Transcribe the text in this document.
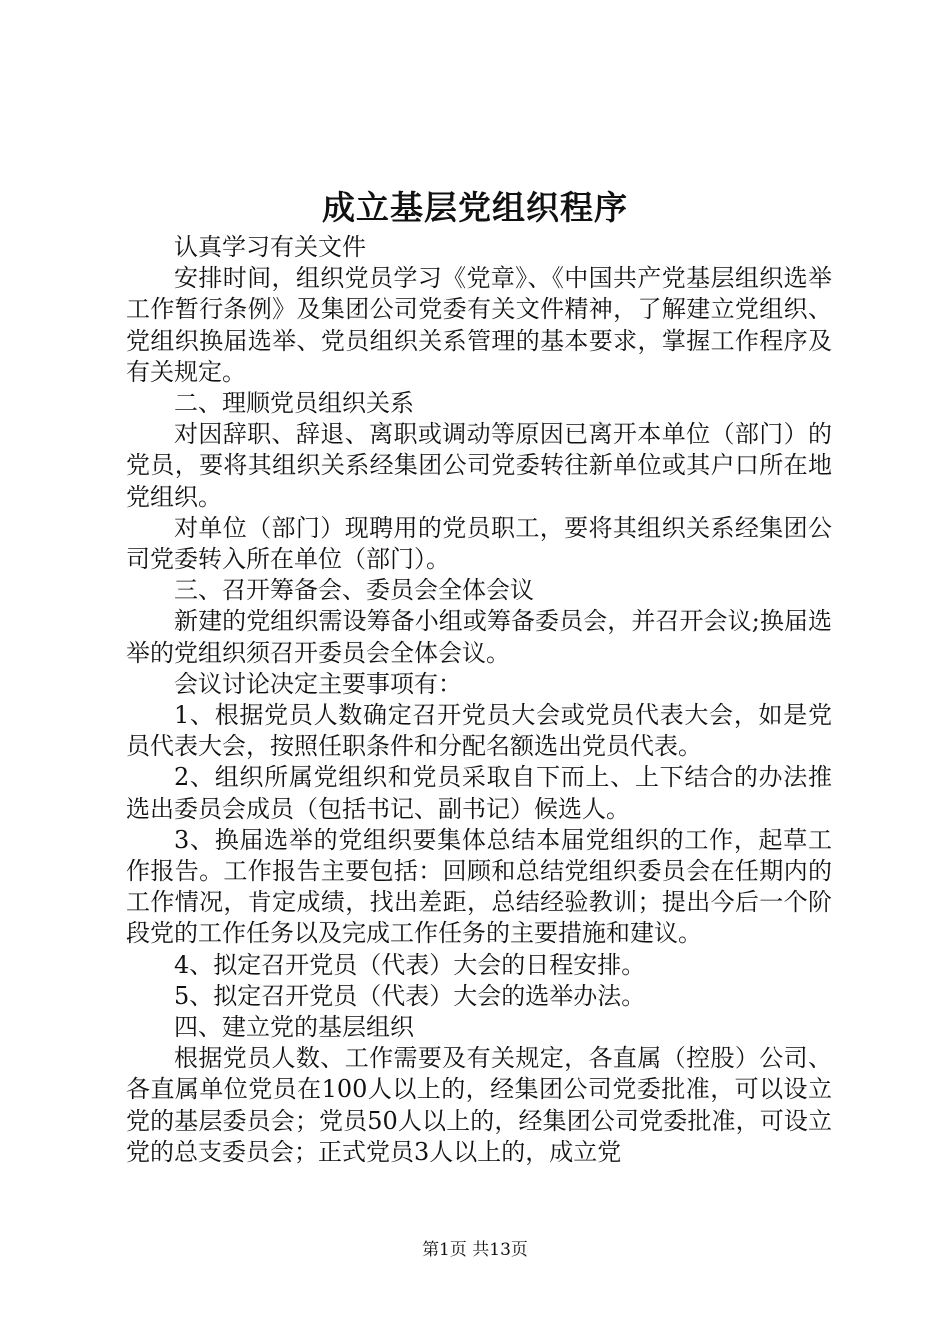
成立基层党组织程序

认真学习有关文件

安排时间，组织党员学习《党章》、《中国共产党基层组织选举工作暂行条例》及集团公司党委有关文件精神，了解建立党组织、党组织换届选举、党员组织关系管理的基本要求，掌握工作程序及有关规定。

二、理顺党员组织关系

对因辞职、辞退、离职或调动等原因已离开本单位（部门）的党员，要将其组织关系经集团公司党委转往新单位或其户口所在地党组织。

对单位（部门）现聘用的党员职工，要将其组织关系经集团公司党委转入所在单位（部门）。

三、召开筹备会、委员会全体会议

新建的党组织需设筹备小组或筹备委员会，并召开会议;换届选举的党组织须召开委员会全体会议。

会议讨论决定主要事项有：

1、根据党员人数确定召开党员大会或党员代表大会，如是党员代表大会，按照任职条件和分配名额选出党员代表。

2、组织所属党组织和党员采取自下而上、上下结合的办法推选出委员会成员（包括书记、副书记）候选人。

3、换届选举的党组织要集体总结本届党组织的工作，起草工作报告。工作报告主要包括：回顾和总结党组织委员会在任期内的工作情况，肯定成绩，找出差距，总结经验教训；提出今后一个阶段党的工作任务以及完成工作任务的主要措施和建议。

4、拟定召开党员（代表）大会的日程安排。

5、拟定召开党员（代表）大会的选举办法。

四、建立党的基层组织

根据党员人数、工作需要及有关规定，各直属（控股）公司、各直属单位党员在100人以上的，经集团公司党委批准，可以设立党的基层委员会；党员50人以上的，经集团公司党委批准，可设立党的总支委员会；正式党员3人以上的，成立党

第1页 共13页
